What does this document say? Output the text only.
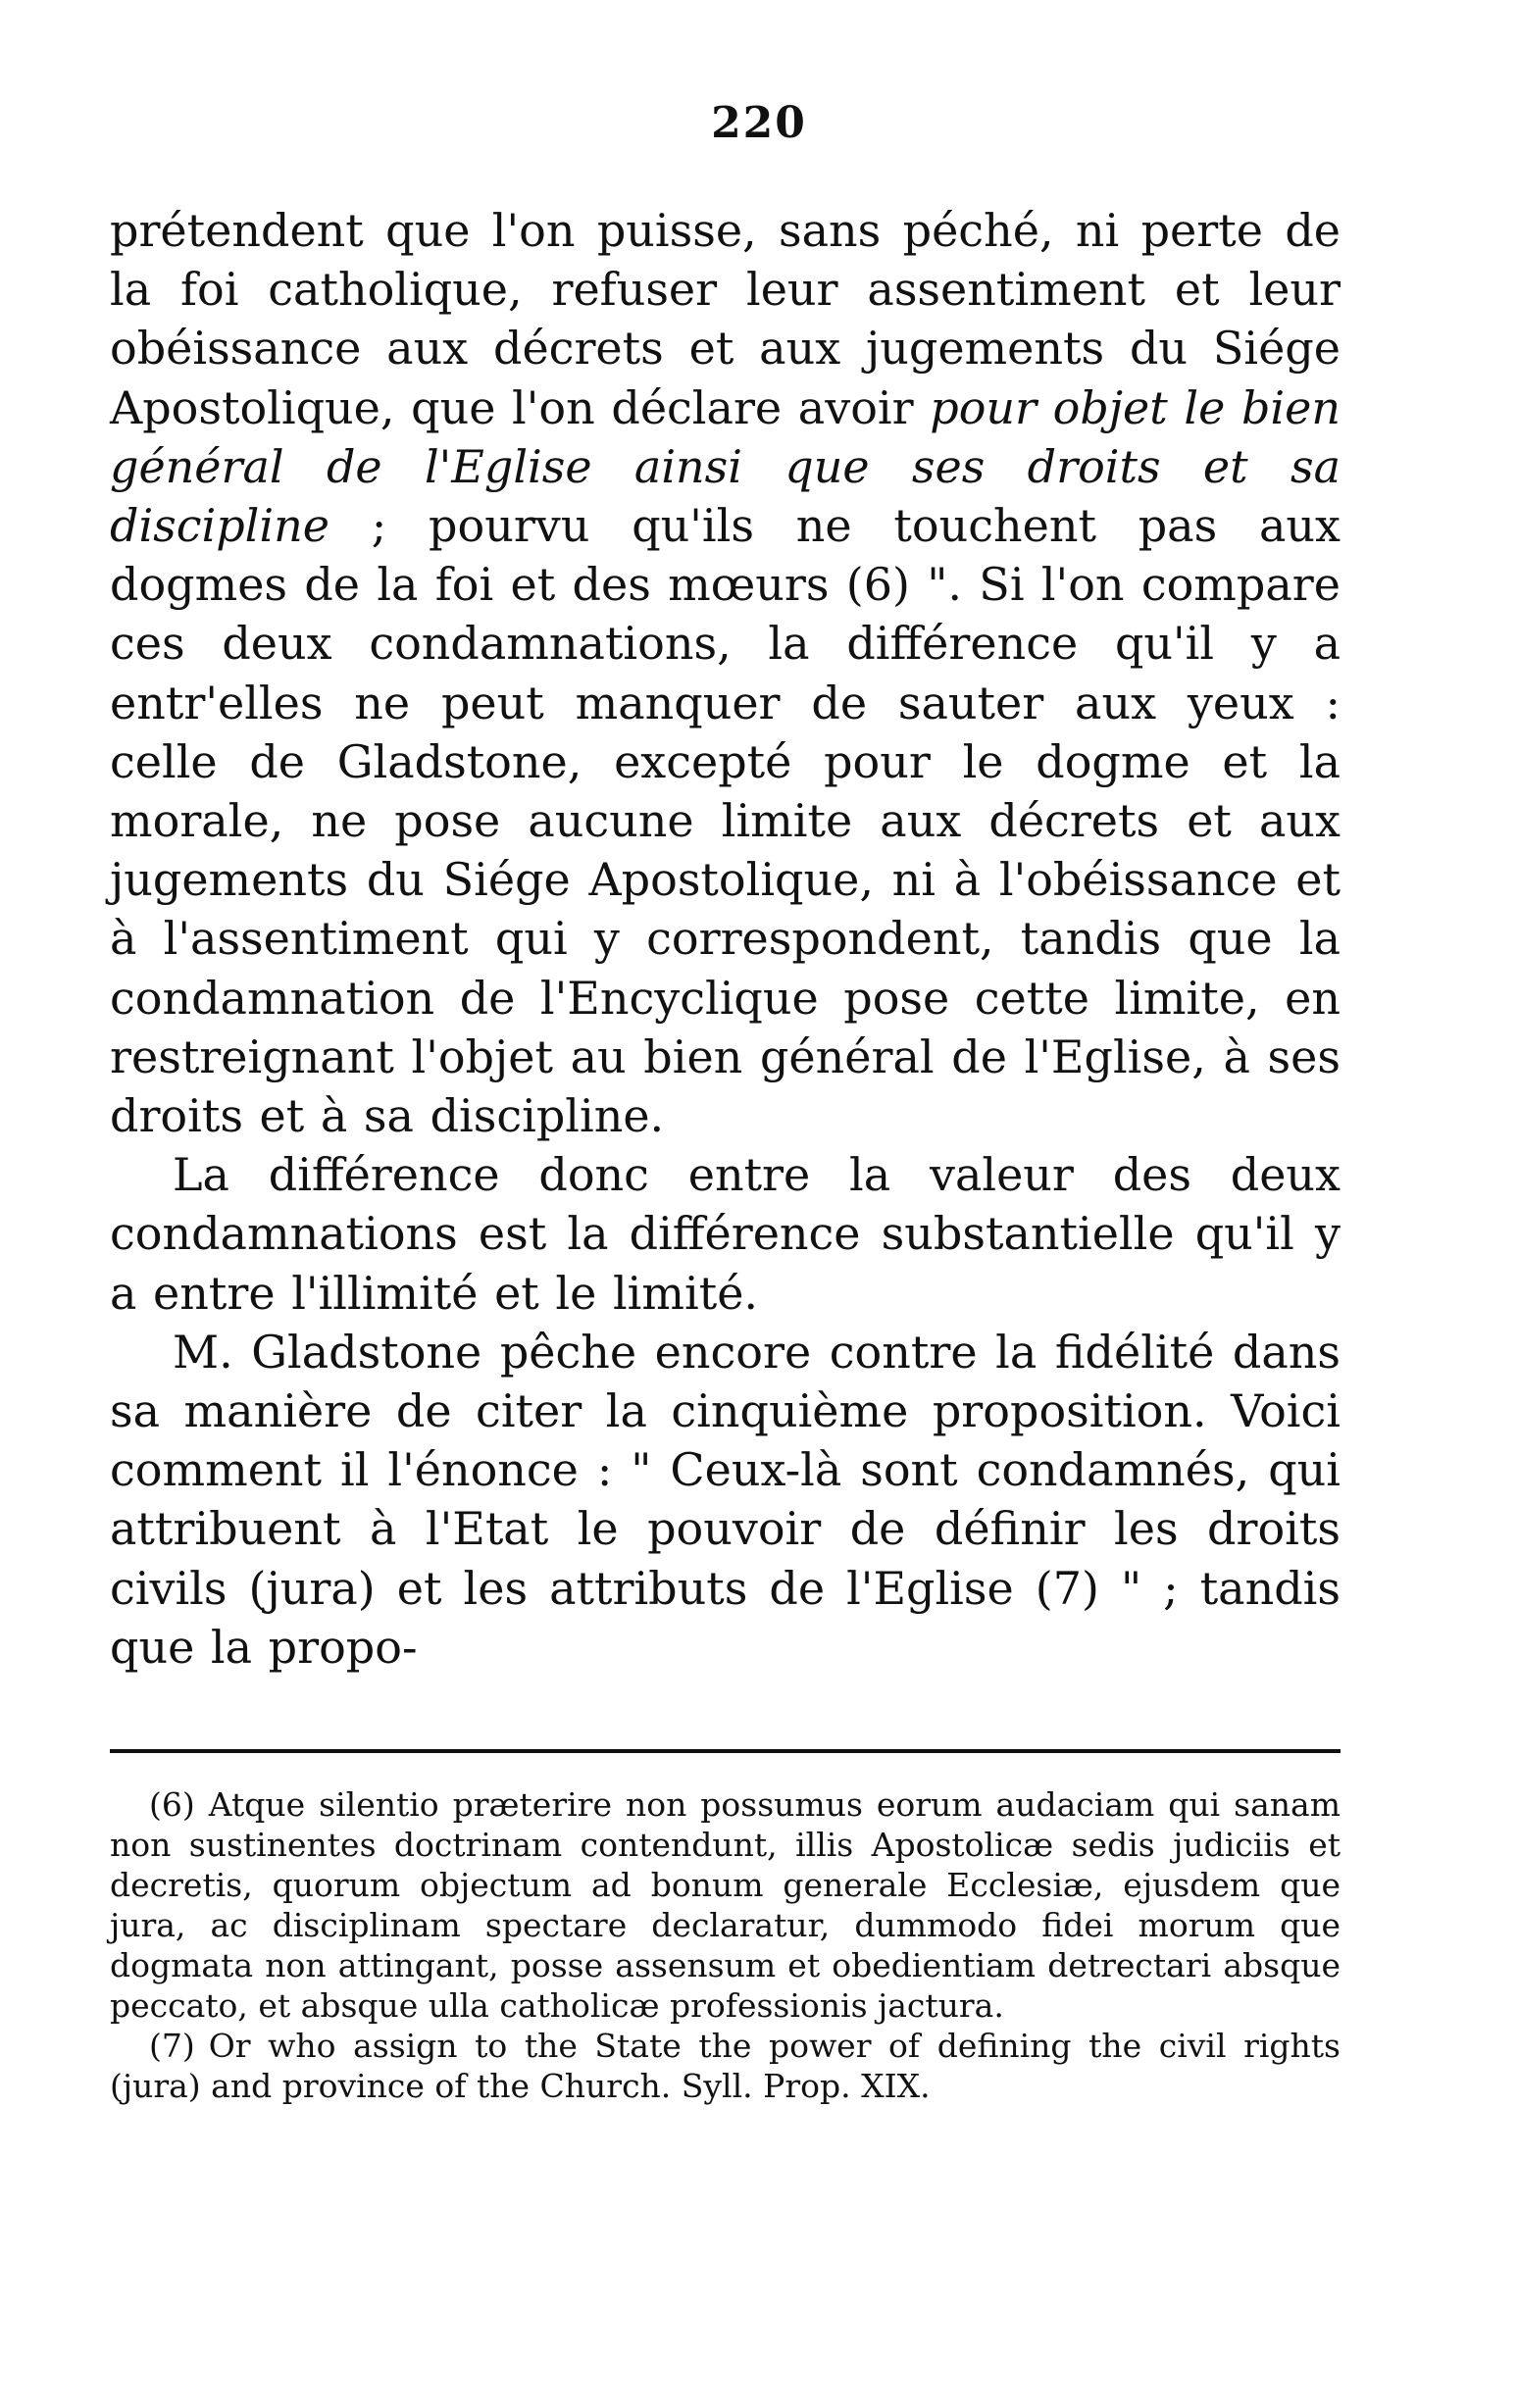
220

prétendent que l'on puisse, sans péché, ni perte de la foi catholique, refuser leur assentiment et leur obéissance aux décrets et aux jugements du Siége Apostolique, que l'on déclare avoir pour objet le bien général de l'Eglise ainsi que ses droits et sa discipline ; pourvu qu'ils ne touchent pas aux dogmes de la foi et des mœurs (6) ". Si l'on compare ces deux condamnations, la différence qu'il y a entr'elles ne peut manquer de sauter aux yeux : celle de Gladstone, excepté pour le dogme et la morale, ne pose aucune limite aux décrets et aux jugements du Siége Apostolique, ni à l'obéissance et à l'assentiment qui y correspondent, tandis que la condamnation de l'Encyclique pose cette limite, en restreignant l'objet au bien général de l'Eglise, à ses droits et à sa discipline.

La différence donc entre la valeur des deux condamnations est la différence substantielle qu'il y a entre l'illimité et le limité.

M. Gladstone pêche encore contre la fidélité dans sa manière de citer la cinquième proposition. Voici comment il l'énonce : " Ceux-là sont condamnés, qui attribuent à l'Etat le pouvoir de définir les droits civils (jura) et les attributs de l'Eglise (7) " ; tandis que la propo-

(6) Atque silentio præterire non possumus eorum audaciam qui sanam non sustinentes doctrinam contendunt, illis Apostolicæ sedis judiciis et decretis, quorum objectum ad bonum generale Ecclesiæ, ejusdem que jura, ac disciplinam spectare declaratur, dummodo fidei morum que dogmata non attingant, posse assensum et obedientiam detrectari absque peccato, et absque ulla catholicæ professionis jactura.

(7) Or who assign to the State the power of defining the civil rights (jura) and province of the Church. Syll. Prop. XIX.
